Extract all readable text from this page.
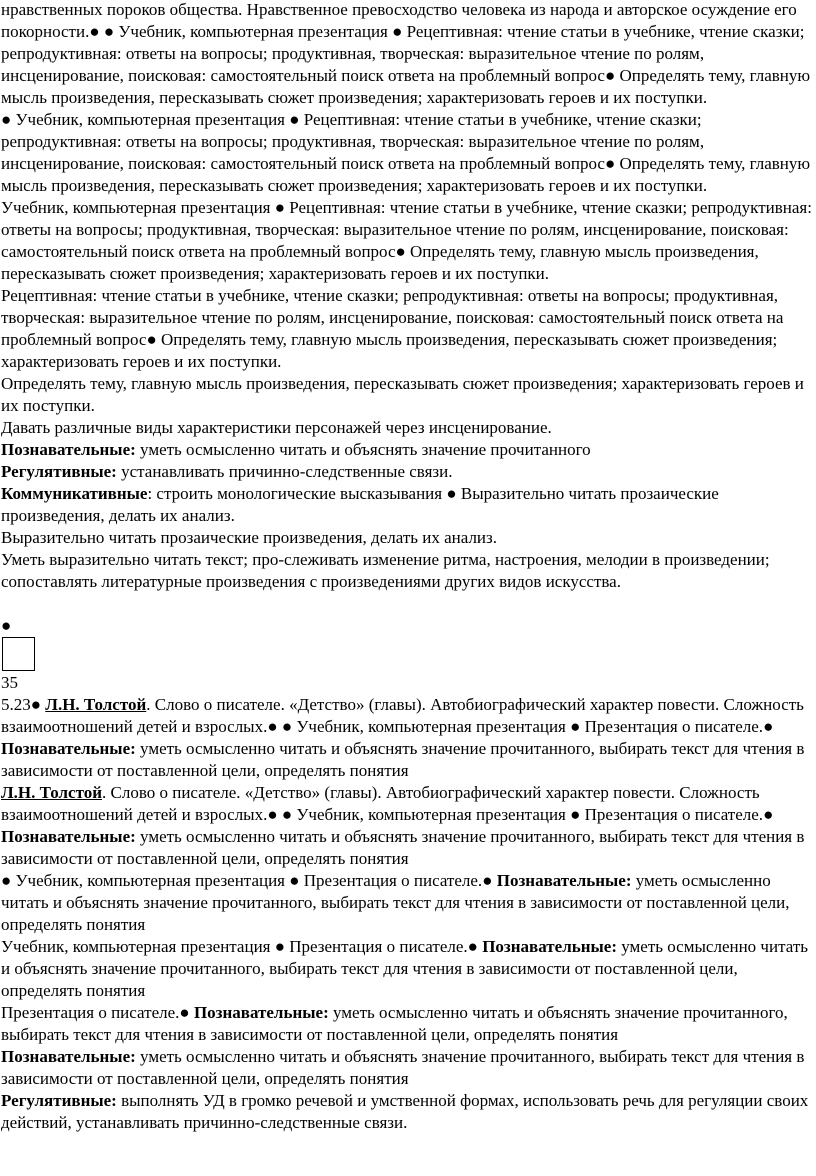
нравственных пороков общества. Нравственное превосходство человека из народа и авторское осуждение его покорности.● ● Учебник, компьютерная презентация ● Рецептивная: чтение статьи в учебнике, чтение сказки; репродуктивная: ответы на вопросы; продуктивная, творческая: выразительное чтение по ролям, инсценирование, поисковая: самостоятельный поиск ответа на проблемный вопрос● Определять тему, главную мысль произведения, пересказывать сюжет произведения; характеризовать героев и их поступки.

● Учебник, компьютерная презентация ● Рецептивная: чтение статьи в учебнике, чтение сказки; репродуктивная: ответы на вопросы; продуктивная, творческая: выразительное чтение по ролям, инсценирование, поисковая: самостоятельный поиск ответа на проблемный вопрос● Определять тему, главную мысль произведения, пересказывать сюжет произведения; характеризовать героев и их поступки.

Учебник, компьютерная презентация ● Рецептивная: чтение статьи в учебнике, чтение сказки; репродуктивная: ответы на вопросы; продуктивная, творческая: выразительное чтение по ролям, инсценирование, поисковая: самостоятельный поиск ответа на проблемный вопрос● Определять тему, главную мысль произведения, пересказывать сюжет произведения; характеризовать героев и их поступки.

Рецептивная: чтение статьи в учебнике, чтение сказки; репродуктивная: ответы на вопросы; продуктивная, творческая: выразительное чтение по ролям, инсценирование, поисковая: самостоятельный поиск ответа на проблемный вопрос● Определять тему, главную мысль произведения, пересказывать сюжет произведения; характеризовать героев и их поступки.

Определять тему, главную мысль произведения, пересказывать сюжет произведения; характеризовать героев и их поступки.

Давать различные виды характеристики персонажей через инсценирование.

Познавательные: уметь осмысленно читать и объяснять значение прочитанного

Регулятивные: устанавливать причинно-следственные связи.

Коммуникативные: строить монологические высказывания ● Выразительно читать прозаические произведения, делать их анализ.

Выразительно читать прозаические произведения, делать их анализ.

Уметь выразительно читать текст; про-слеживать изменение ритма, настроения, мелодии в произведении; сопоставлять литературные произведения с произведениями других видов искусства.

●

35

5.23● Л.Н. Толстой. Слово о писателе. «Детство» (главы). Автобиографический характер повести. Сложность взаимоотношений детей и взрослых.● ● Учебник, компьютерная презентация ● Презентация о писателе.● Познавательные: уметь осмысленно читать и объяснять значение прочитанного, выбирать текст для чтения в зависимости от поставленной цели, определять понятия

Л.Н. Толстой. Слово о писателе. «Детство» (главы). Автобиографический характер повести. Сложность взаимоотношений детей и взрослых.● ● Учебник, компьютерная презентация ● Презентация о писателе.● Познавательные: уметь осмысленно читать и объяснять значение прочитанного, выбирать текст для чтения в зависимости от поставленной цели, определять понятия

● Учебник, компьютерная презентация ● Презентация о писателе.● Познавательные: уметь осмысленно читать и объяснять значение прочитанного, выбирать текст для чтения в зависимости от поставленной цели, определять понятия

Учебник, компьютерная презентация ● Презентация о писателе.● Познавательные: уметь осмысленно читать и объяснять значение прочитанного, выбирать текст для чтения в зависимости от поставленной цели, определять понятия

Презентация о писателе.● Познавательные: уметь осмысленно читать и объяснять значение прочитанного, выбирать текст для чтения в зависимости от поставленной цели, определять понятия

Познавательные: уметь осмысленно читать и объяснять значение прочитанного, выбирать текст для чтения в зависимости от поставленной цели, определять понятия

Регулятивные: выполнять УД в громко речевой и умственной формах, использовать речь для регуляции своих действий, устанавливать причинно-следственные связи.
